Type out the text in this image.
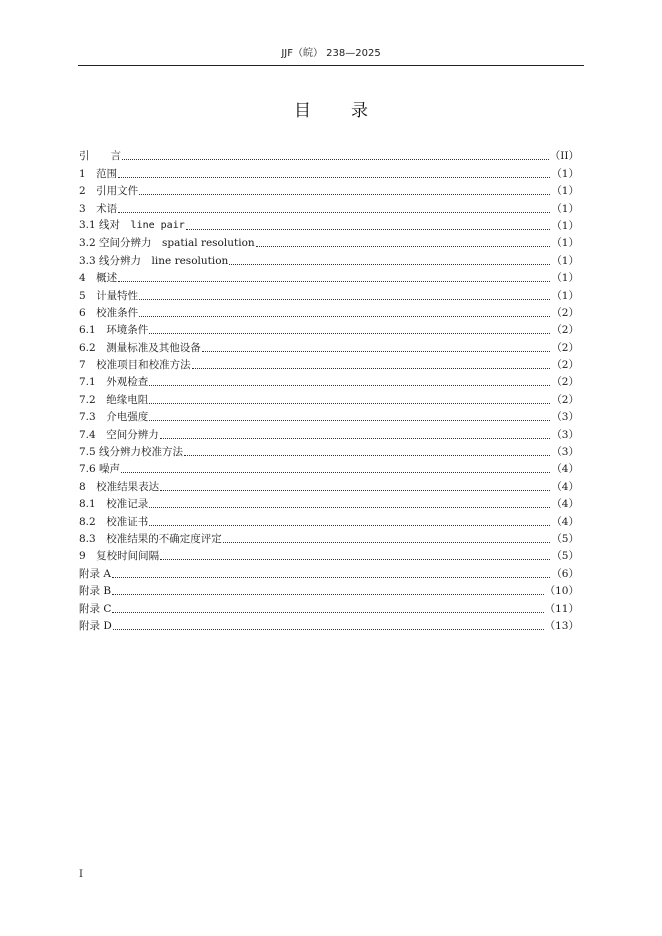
JJF（皖） 238—2025
目录
引　　言	（II）
1　范围	（1）
2　引用文件	（1）
3　术语	（1）
3.1 线对　line pair	（1）
3.2 空间分辨力　spatial resolution	（1）
3.3 线分辨力　line resolution	（1）
4　概述	（1）
5　计量特性	（1）
6　校准条件	（2）
6.1　环境条件	（2）
6.2　测量标准及其他设备	（2）
7　校准项目和校准方法	（2）
7.1　外观检查	（2）
7.2　绝缘电阻	（2）
7.3　介电强度	（3）
7.4　空间分辨力	（3）
7.5 线分辨力校准方法	（3）
7.6 噪声	（4）
8　校准结果表达	（4）
8.1　校准记录	（4）
8.2　校准证书	（4）
8.3　校准结果的不确定度评定	（5）
9　复校时间间隔	（5）
附录 A	（6）
附录 B	（10）
附录 C	（11）
附录 D	（13）
I
